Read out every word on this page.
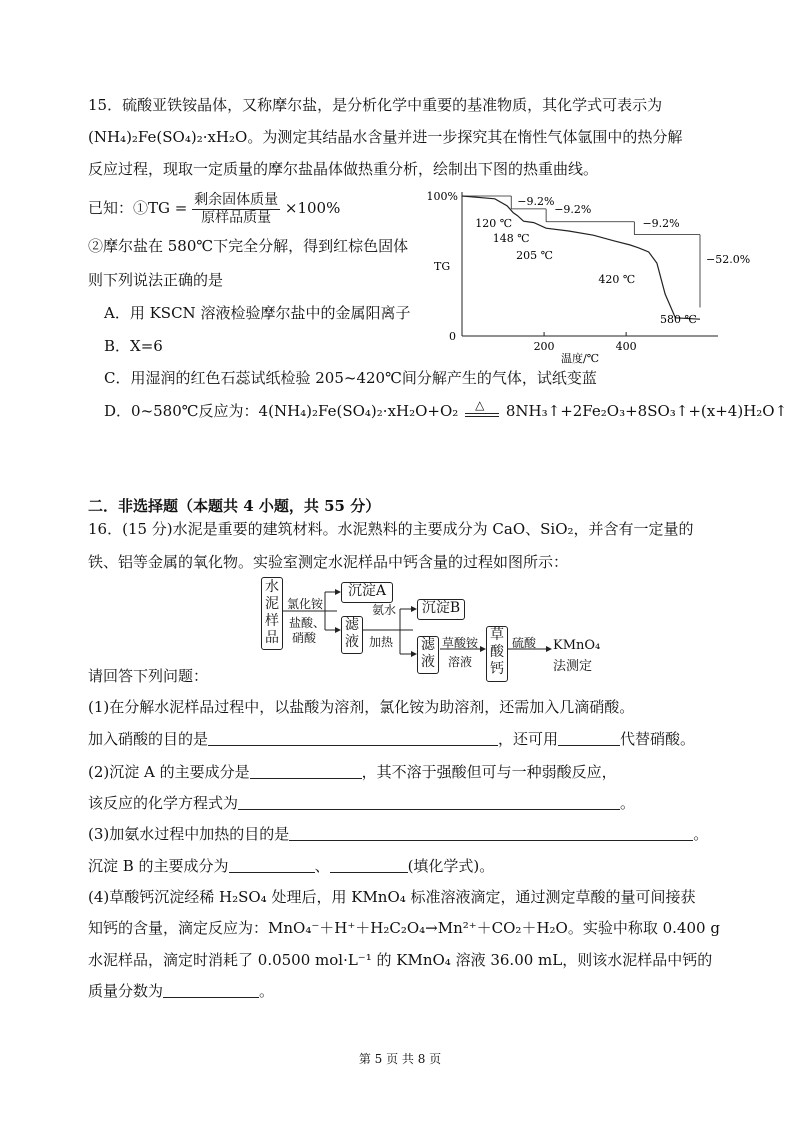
15．硫酸亚铁铵晶体，又称摩尔盐，是分析化学中重要的基准物质，其化学式可表示为
(NH₄)₂Fe(SO₄)₂·xH₂O。为测定其结晶水含量并进一步探究其在惰性气体氩围中的热分解
反应过程，现取一定质量的摩尔盐晶体做热重分析，绘制出下图的热重曲线。
已知：①TG = $\frac{\text{剩余固体质量}}{\text{原样品质量}} \times 100\%$
②摩尔盐在 580℃下完全分解，得到红棕色固体
则下列说法正确的是
A．用 KSCN 溶液检验摩尔盐中的金属阳离子
B．X=6
C．用湿润的红色石蕊试纸检验 205~420℃间分解产生的气体，试纸变蓝
D．0~580℃反应为：4(NH₄)₂Fe(SO₄)₂·xH₂O+O₂ △ 8NH₃↑+2Fe₂O₃+8SO₃↑+(x+4)H₂O↑
100%
0
TG
200	400
温度/℃
−9.2%
−9.2%
−9.2%
−52.0%
120 ℃
148 ℃
205 ℃
420 ℃
580 ℃
二．非选择题（本题共 4 小题，共 55 分）
16．(15 分)水泥是重要的建筑材料。水泥熟料的主要成分为 CaO、SiO₂，并含有一定量的
铁、铝等金属的氧化物。实验室测定水泥样品中钙含量的过程如图所示：
水
泥
样
品
氯化铵
盐酸、
硝酸
沉淀A
滤
液
氨水
加热
沉淀B
滤
液
草酸铵
溶液
草
酸
钙
硫酸 KMnO₄
法测定
请回答下列问题：
(1)在分解水泥样品过程中，以盐酸为溶剂，氯化铵为助溶剂，还需加入几滴硝酸。
加入硝酸的目的是	，还可用	代替硝酸。
(2)沉淀 A 的主要成分是	，其不溶于强酸但可与一种弱酸反应，
该反应的化学方程式为	。
(3)加氨水过程中加热的目的是	。
沉淀 B 的主要成分为	、	(填化学式)。
(4)草酸钙沉淀经稀 H₂SO₄ 处理后，用 KMnO₄ 标准溶液滴定，通过测定草酸的量可间接获
知钙的含量，滴定反应为：MnO₄⁻＋H⁺＋H₂C₂O₄→Mn²⁺＋CO₂＋H₂O。实验中称取 0.400 g
水泥样品，滴定时消耗了 0.0500 mol·L⁻¹ 的 KMnO₄ 溶液 36.00 mL，则该水泥样品中钙的
质量分数为	。
第 5 页 共 8 页
